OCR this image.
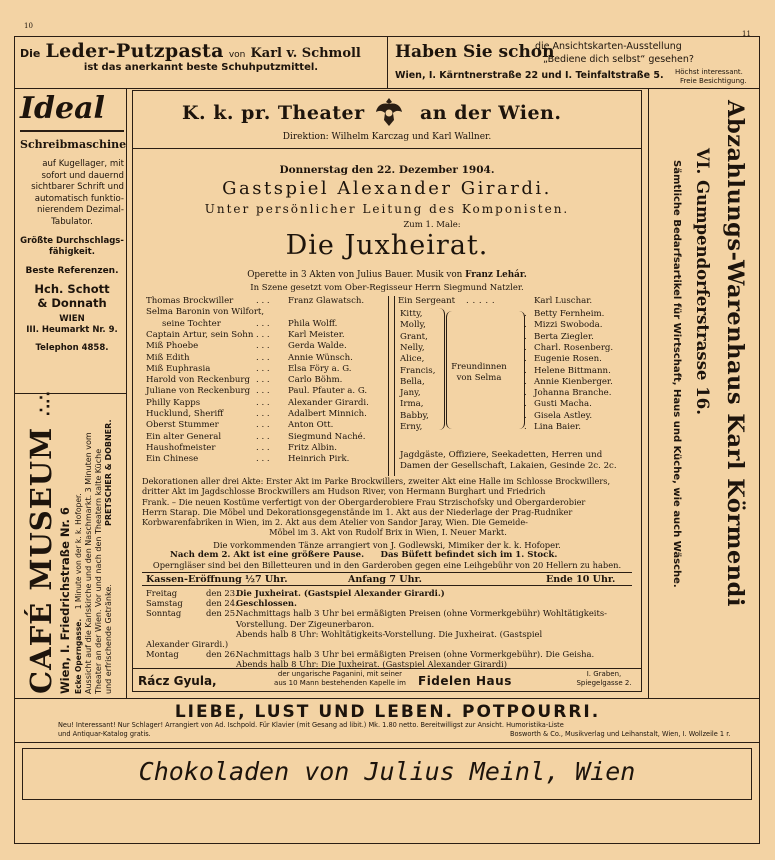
10
11
Die Leder-Putzpasta von Karl v. Schmoll
ist das anerkannt beste Schuhputzmittel.
Haben Sie schon
die Ansichtskarten-Ausstellung
„Bediene dich selbst“ gesehen?
Wien, I. Kärntnerstraße 22 und I. Teinfaltstraße 5. Höchst interessant.
Freie Besichtigung.
Ideal
Schreibmaschine
auf Kugellager, mit
sofort und dauernd
sichtbarer Schrift und
automatisch funktio-
nierendem Dezimal-
Tabulator.
Größte Durchschlags-
fähigkeit.
Beste Referenzen.
Hch. Schott
& Donnath
WIEN
III. Heumarkt Nr. 9.
Telephon 4858.
CAFÉ MUSEUM ∴∴
Wien, I. Friedrichstraße Nr. 6 Ecke Operngasse.    1 Minute von der k. k. Hofoper. Aussicht auf die Karlskirche und den Naschmarkt. 3 Minuten vom Theater an der Wien. Vor und nach den Theatern kalte Küche und erfrischende Getränke.
PRETSCHER & DOBNER.	Abzahlungs-Warenhaus Karl Körmendi
VI. Gumpendorferstrasse 16.
Sämtliche Bedarfsartikel für Wirtschaft, Haus und Küche, wie auch Wäsche.
K. k. pr. Theater	an der Wien.
Direktion: Wilhelm Karczag und Karl Wallner.
Donnerstag den 22. Dezember 1904.
Gastspiel Alexander Girardi.
Unter persönlicher Leitung des Komponisten.
Zum 1. Male:
Die Juxheirat.
Operette in 3 Akten von Julius Bauer. Musik von Franz Lehár.
In Szene gesetzt vom Ober-Regisseur Herrn Siegmund Natzler.
Ein Sergeant . . . . .	Karl Luschar.
Freundinnen
von Selma
Jagdgäste, Offiziere, Seekadetten, Herren und
Damen der Gesellschaft, Lakaien, Gesinde 2c. 2c.
Dekorationen aller drei Akte: Erster Akt im Parke Brockwillers, zweiter Akt eine Halle im Schlosse Brockwillers,
dritter Akt im Jagdschlosse Brockwillers am Hudson River, von Hermann Burghart und Friedrich
Frank. – Die neuen Kostüme verfertigt von der Obergarderobiere Frau Strzischofsky und Obergarderobier
Herrn Starap. Die Möbel und Dekorationsgegenstände im 1. Akt aus der Niederlage der Prag-Rudniker
Korbwarenfabriken in Wien, im 2. Akt aus dem Atelier von Sandor Jaray, Wien. Die Gemeide-
Möbel im 3. Akt von Rudolf Brix in Wien, I. Neuer Markt.
Die vorkommenden Tänze arrangiert von J. Godlewski, Mimiker der k. k. Hofoper.
Nach dem 2. Akt ist eine größere Pause. Das Büfett befindet sich im 1. Stock.
Operngläser sind bei den Billetteuren und in den Garderoben gegen eine Leihgebühr von 20 Hellern zu haben.
Kassen-Eröffnung ½7 Uhr.	Anfang 7 Uhr.	Ende 10 Uhr.
Rácz Gyula,	der ungarische Paganini, mit seiner
aus 10 Mann bestehenden Kapelle im	Fidelen Haus	I. Graben,
Spiegelgasse 2.
Thomas Brockwiller	. . . Franz Glawatsch.
Selma Baronin von Wilfort,
seine Tochter	. . . Phila Wolff.
Captain Artur, sein Sohn . . . Karl Meister.
Miß Phoebe	. . . Gerda Walde.
Miß Edith	. . . Annie Wünsch.
Miß Euphrasia	. . . Elsa Föry a. G.
Harold von Reckenburg . . . Carlo Böhm.
Juliane von Reckenburg . . . Paul. Pfauter a. G.
Philly Kapps	. . . Alexander Girardi.
Hucklund, Sheriff	. . . Adalbert Minnich.
Oberst Stummer	. . . Anton Ott.
Ein alter General	. . . Siegmund Naché.
Haushofmeister	. . . Fritz Albin.
Ein Chinese	. . . Heinrich Pirk.
Kitty,	. Betty Fernheim.
Molly,	. Mizzi Swoboda.
Grant,	. Berta Ziegler.
Nelly,	. Charl. Rosenberg.
Alice,	. Eugenie Rosen.
Francis,	. Helene Bittmann.
Bella,	. Annie Kienberger.
Jany,	. Johanna Branche.
Irma,	. Gusti Macha.
Babby,	. Gisela Astley.
Erny,	. Lina Baier.
Freitag	den 23.
Die Juxheirat. (Gastspiel Alexander Girardi.)
Samstag	den 24.
Geschlossen.
Sonntag	den 25.
Nachmittags halb 3 Uhr bei ermäßigten Preisen (ohne Vormerkgebühr) Wohltätigkeits-
Vorstellung. Der Zigeunerbaron.
Abends halb 8 Uhr: Wohltätigkeits-Vorstellung. Die Juxheirat. (Gastspiel
Alexander Girardi.)
Montag	den 26.
Nachmittags halb 3 Uhr bei ermäßigten Preisen (ohne Vormerkgebühr). Die Geisha.
Abends halb 8 Uhr: Die Juxheirat. (Gastspiel Alexander Girardi)
LIEBE, LUST UND LEBEN. POTPOURRI.
Neu! Interessant! Nur Schlager! Arrangiert von Ad. Ischpold. Für Klavier (mit Gesang ad libit.) Mk. 1.80 netto. Bereitwilligst zur Ansicht. Humoristika-Liste
und Antiquar-Katalog gratis.	Bosworth & Co., Musikverlag und Leihanstalt, Wien, I. Wollzeile 1 r.
Chokoladen von Julius Meinl, Wien
